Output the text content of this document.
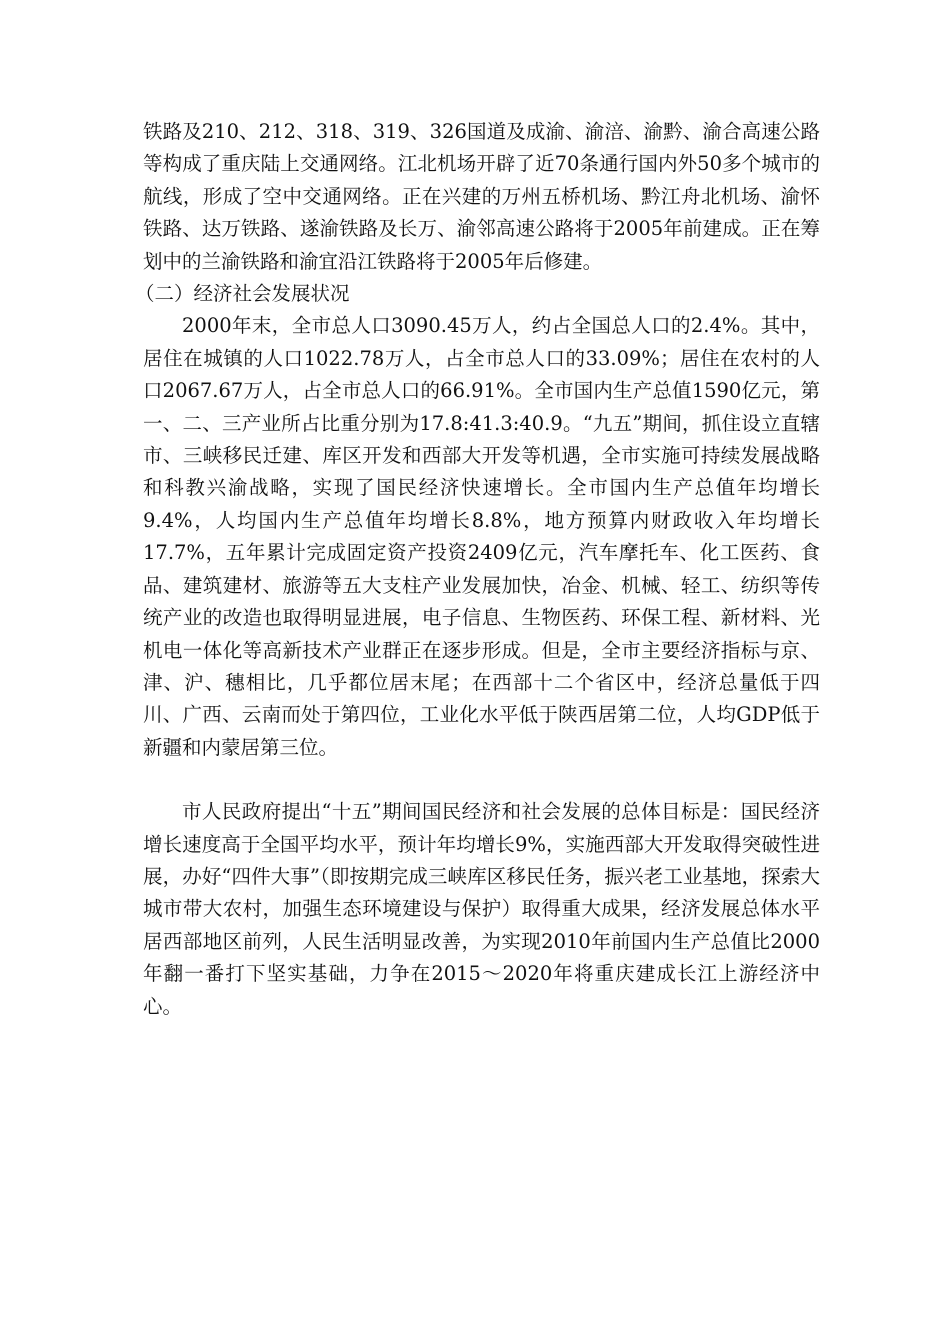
铁路及210、212、318、319、326国道及成渝、渝涪、渝黔、渝合高速公路等构成了重庆陆上交通网络。江北机场开辟了近70条通行国内外50多个城市的航线，形成了空中交通网络。正在兴建的万州五桥机场、黔江舟北机场、渝怀铁路、达万铁路、遂渝铁路及长万、渝邻高速公路将于2005年前建成。正在筹划中的兰渝铁路和渝宜沿江铁路将于2005年后修建。

（二）经济社会发展状况

2000年末，全市总人口3090.45万人，约占全国总人口的2.4%。其中，居住在城镇的人口1022.78万人，占全市总人口的33.09%；居住在农村的人口2067.67万人，占全市总人口的66.91%。全市国内生产总值1590亿元，第一、二、三产业所占比重分别为17.8:41.3:40.9。“九五”期间，抓住设立直辖市、三峡移民迁建、库区开发和西部大开发等机遇，全市实施可持续发展战略和科教兴渝战略，实现了国民经济快速增长。全市国内生产总值年均增长9.4%，人均国内生产总值年均增长8.8%，地方预算内财政收入年均增长17.7%，五年累计完成固定资产投资2409亿元，汽车摩托车、化工医药、食品、建筑建材、旅游等五大支柱产业发展加快，冶金、机械、轻工、纺织等传统产业的改造也取得明显进展，电子信息、生物医药、环保工程、新材料、光机电一体化等高新技术产业群正在逐步形成。但是，全市主要经济指标与京、津、沪、穗相比，几乎都位居末尾；在西部十二个省区中，经济总量低于四川、广西、云南而处于第四位，工业化水平低于陕西居第二位，人均GDP低于新疆和内蒙居第三位。

市人民政府提出“十五”期间国民经济和社会发展的总体目标是：国民经济增长速度高于全国平均水平，预计年均增长9%，实施西部大开发取得突破性进展，办好“四件大事”（即按期完成三峡库区移民任务，振兴老工业基地，探索大城市带大农村，加强生态环境建设与保护）取得重大成果，经济发展总体水平居西部地区前列，人民生活明显改善，为实现2010年前国内生产总值比2000年翻一番打下坚实基础，力争在2015～2020年将重庆建成长江上游经济中心。
